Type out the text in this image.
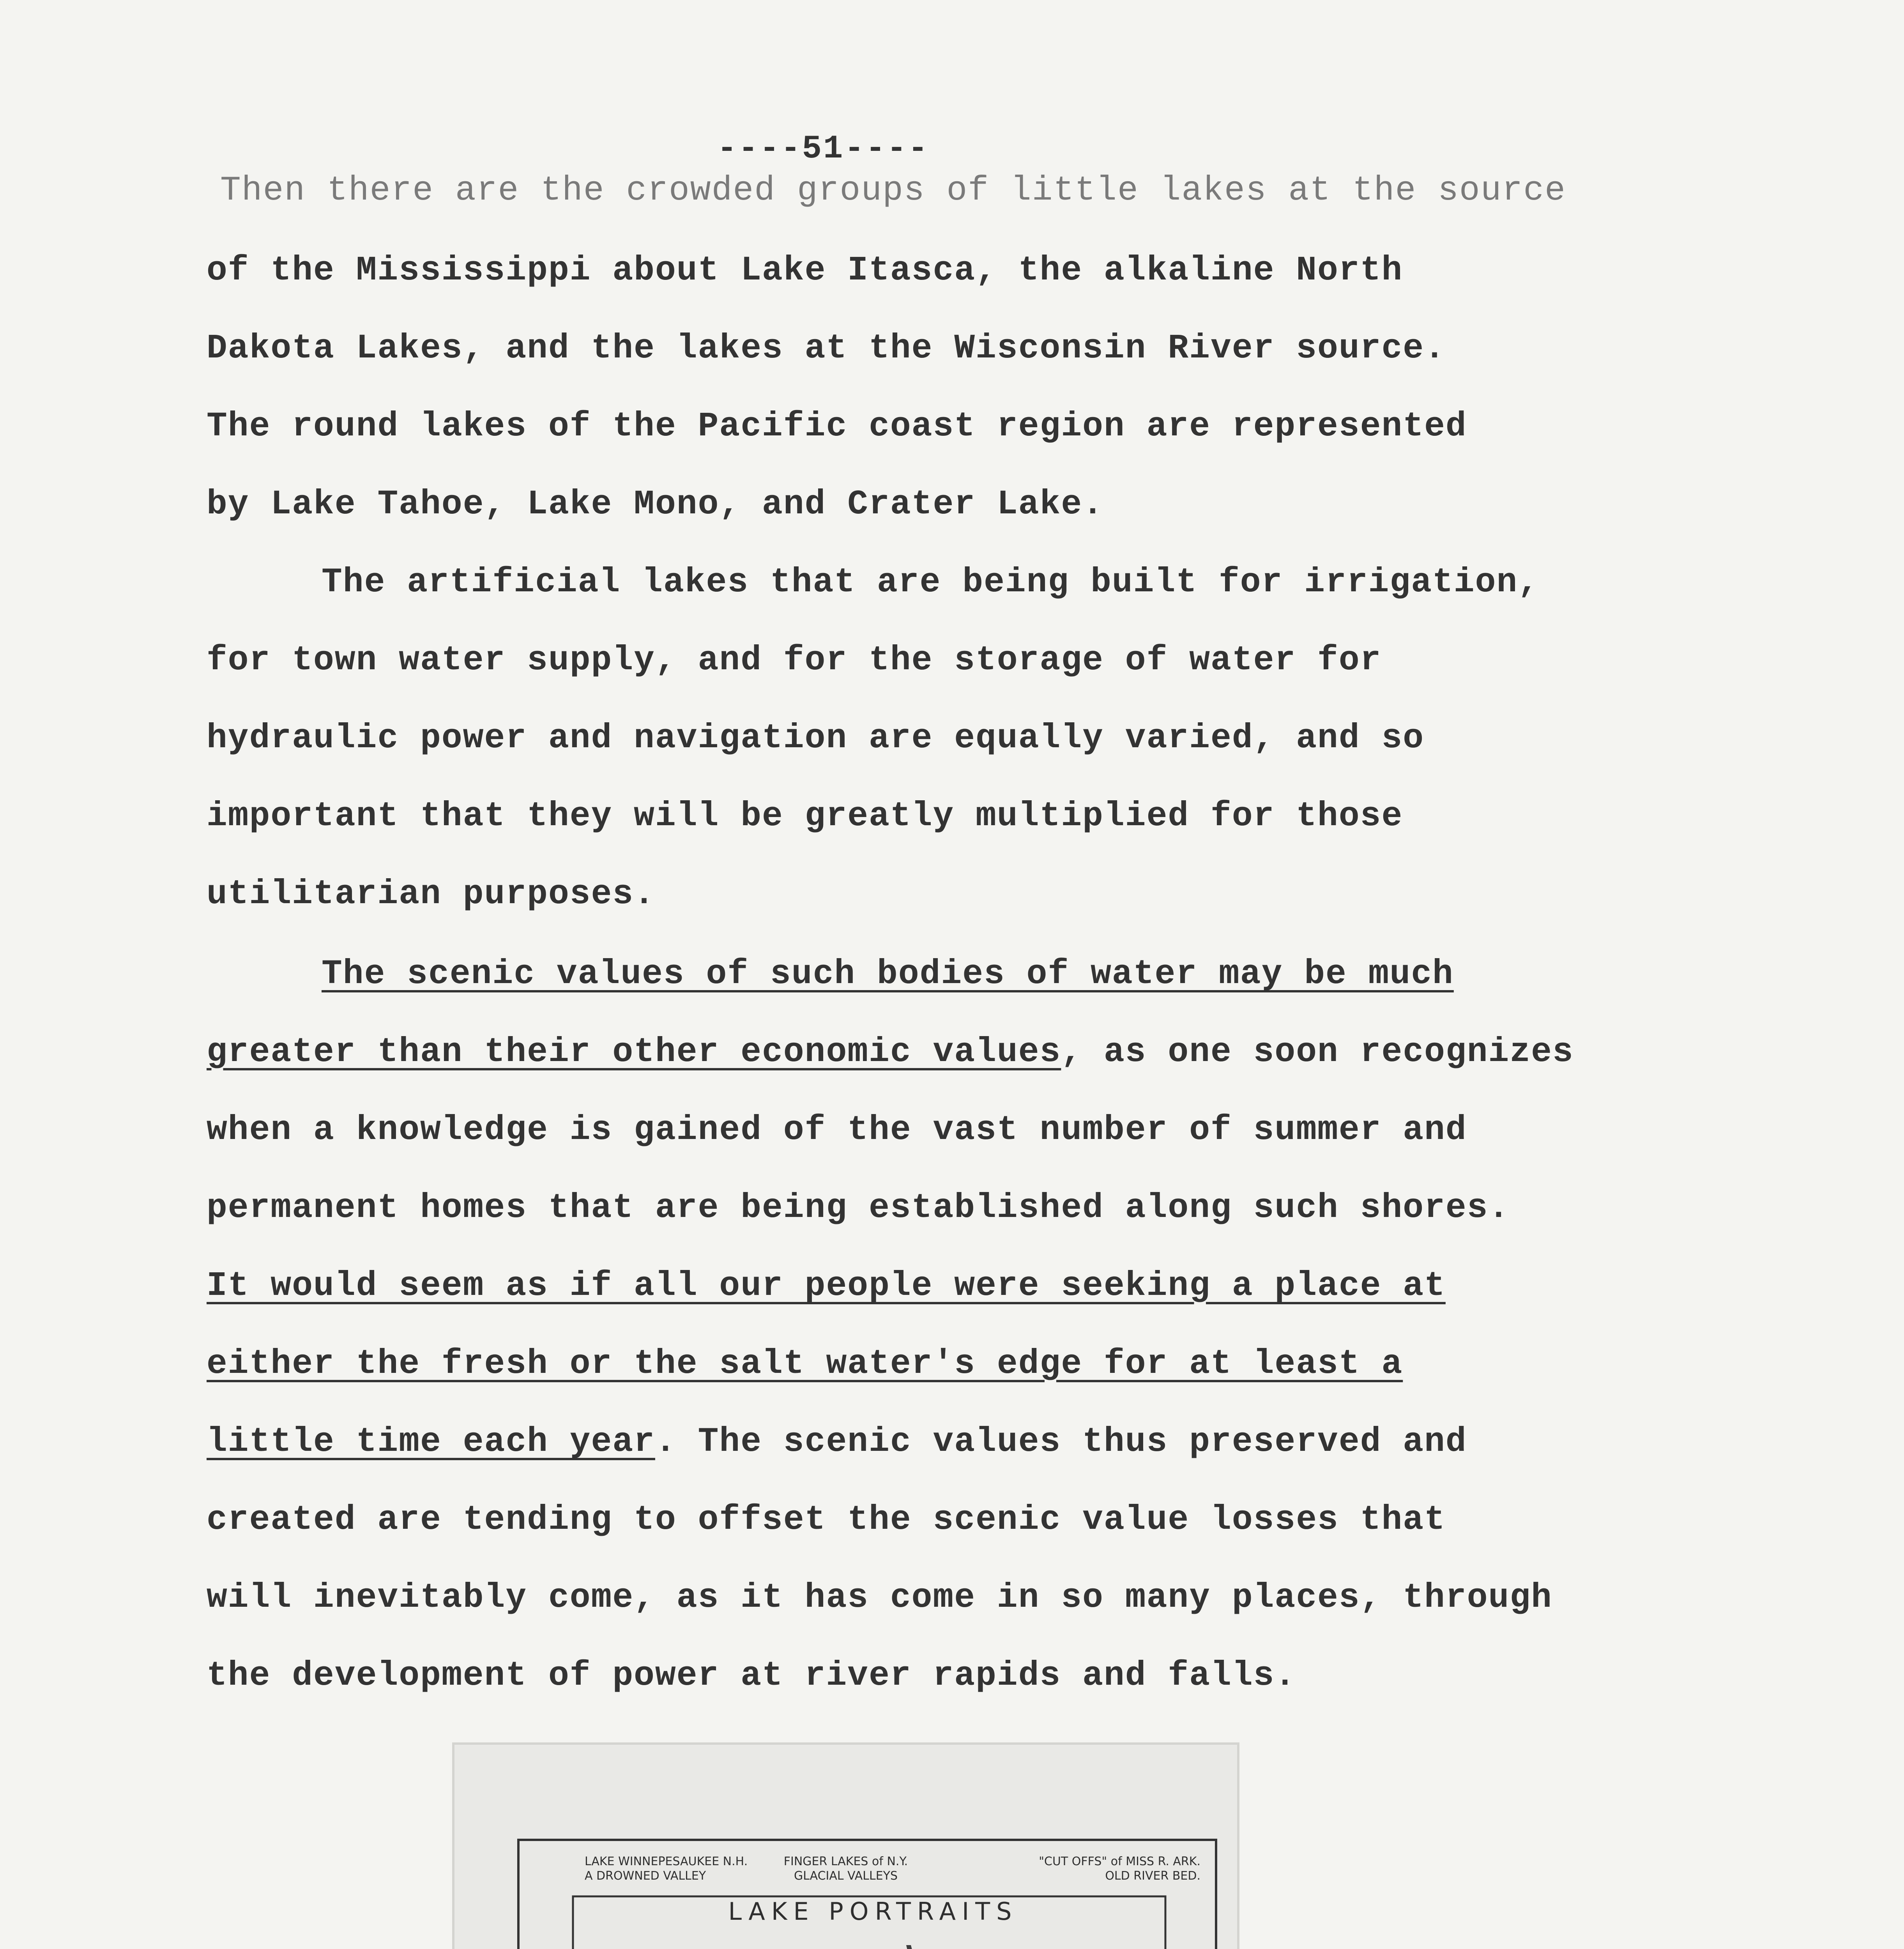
----51----
Then there are the crowded groups of little lakes at the source
of the Mississippi about Lake Itasca, the alkaline North
Dakota Lakes, and the lakes at the Wisconsin River source.
The round lakes of the Pacific coast region are represented
by Lake Tahoe, Lake Mono, and Crater Lake.
The artificial lakes that are being built for irrigation,
for town water supply, and for the storage of water for
hydraulic power and navigation are equally varied, and so
important that they will be greatly multiplied for those
utilitarian purposes.
The scenic values of such bodies of water may be much
greater than their other economic values, as one soon recognizes
when a knowledge is gained of the vast number of summer and
permanent homes that are being established along such shores.
It would seem as if all our people were seeking a place at
either the fresh or the salt water's edge for at least a
little time each year. The scenic values thus preserved and
created are tending to offset the scenic value losses that
will inevitably come, as it has come in so many places, through
the development of power at river rapids and falls.
LAKE PORTRAITS
LAKE WINNEPESAUKEE N.H.
A DROWNED VALLEY
FINGER LAKES of N.Y.
GLACIAL VALLEYS
"CUT OFFS" of MISS R. ARK.
OLD RIVER BED.
